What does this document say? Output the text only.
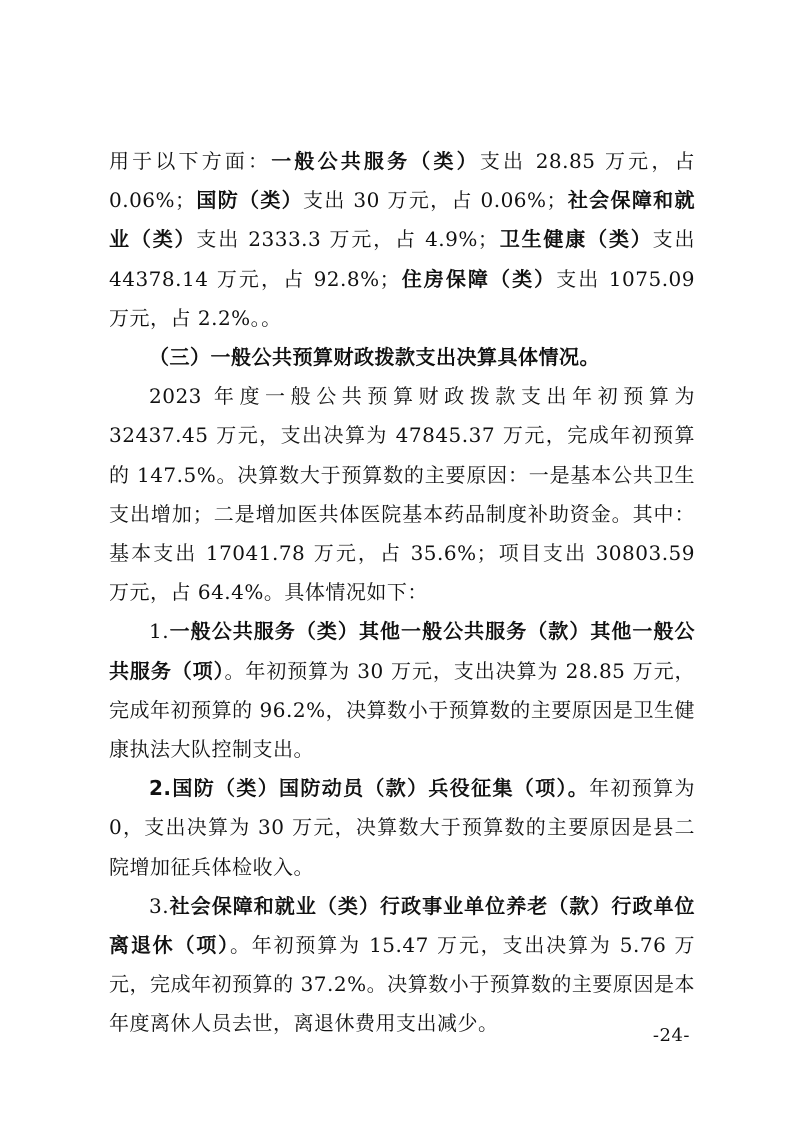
用于以下方面：一般公共服务（类）支出 28.85 万元，占 0.06%；国防（类）支出 30 万元，占 0.06%；社会保障和就业（类）支出 2333.3 万元，占 4.9%；卫生健康（类）支出 44378.14 万元，占 92.8%；住房保障（类）支出 1075.09 万元，占 2.2%。。

（三）一般公共预算财政拨款支出决算具体情况。

2023 年度一般公共预算财政拨款支出年初预算为 32437.45 万元，支出决算为 47845.37 万元，完成年初预算的 147.5%。决算数大于预算数的主要原因：一是基本公共卫生支出增加；二是增加医共体医院基本药品制度补助资金。其中：基本支出 17041.78 万元，占 35.6%；项目支出 30803.59 万元，占 64.4%。具体情况如下：

1.一般公共服务（类）其他一般公共服务（款）其他一般公共服务（项）。年初预算为 30 万元，支出决算为 28.85 万元，完成年初预算的 96.2%，决算数小于预算数的主要原因是卫生健康执法大队控制支出。

2.国防（类）国防动员（款）兵役征集（项）。年初预算为 0，支出决算为 30 万元，决算数大于预算数的主要原因是县二院增加征兵体检收入。

3.社会保障和就业（类）行政事业单位养老（款）行政单位离退休（项）。年初预算为 15.47 万元，支出决算为 5.76 万元，完成年初预算的 37.2%。决算数小于预算数的主要原因是本年度离休人员去世，离退休费用支出减少。

-24-
